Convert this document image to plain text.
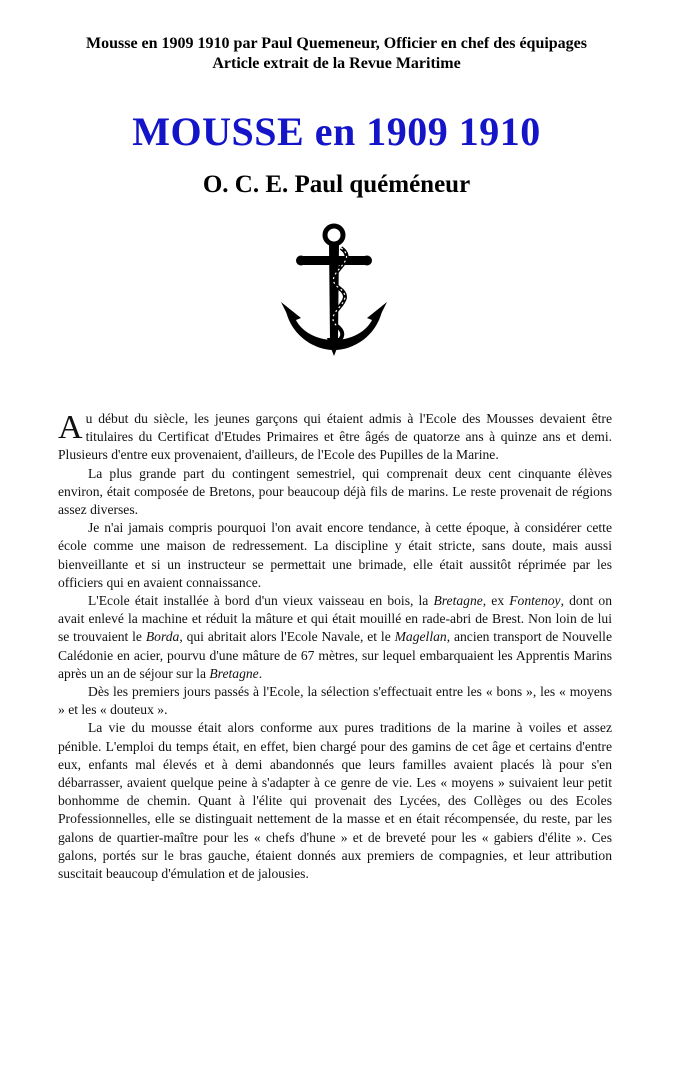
Mousse en 1909 1910 par Paul Quemeneur, Officier en chef des équipages
Article extrait de la Revue Maritime
MOUSSE en 1909 1910
O. C. E. Paul quéméneur

Au début du siècle, les jeunes garçons qui étaient admis à l'Ecole des Mousses devaient être titulaires du Certificat d'Etudes Primaires et être âgés de quatorze ans à quinze ans et demi. Plusieurs d'entre eux provenaient, d'ailleurs, de l'Ecole des Pupilles de la Marine.

La plus grande part du contingent semestriel, qui comprenait deux cent cinquante élèves environ, était composée de Bretons, pour beaucoup déjà fils de marins. Le reste provenait de régions assez diverses.

Je n'ai jamais compris pourquoi l'on avait encore tendance, à cette époque, à considérer cette école comme une maison de redressement. La discipline y était stricte, sans doute, mais aussi bienveillante et si un instructeur se permettait une brimade, elle était aussitôt réprimée par les officiers qui en avaient connaissance.

L'Ecole était installée à bord d'un vieux vaisseau en bois, la Bretagne, ex Fontenoy, dont on avait enlevé la machine et réduit la mâture et qui était mouillé en rade-abri de Brest. Non loin de lui se trouvaient le Borda, qui abritait alors l'Ecole Navale, et le Magellan, ancien transport de Nouvelle Calédonie en acier, pourvu d'une mâture de 67 mètres, sur lequel embarquaient les Apprentis Marins après un an de séjour sur la Bretagne.

Dès les premiers jours passés à l'Ecole, la sélection s'effectuait entre les « bons », les « moyens » et les « douteux ».

La vie du mousse était alors conforme aux pures traditions de la marine à voiles et assez pénible. L'emploi du temps était, en effet, bien chargé pour des gamins de cet âge et certains d'entre eux, enfants mal élevés et à demi abandonnés que leurs familles avaient placés là pour s'en débarrasser, avaient quelque peine à s'adapter à ce genre de vie. Les « moyens » suivaient leur petit bonhomme de chemin. Quant à l'élite qui provenait des Lycées, des Collèges ou des Ecoles Professionnelles, elle se distinguait nettement de la masse et en était récompensée, du reste, par les galons de quartier-maître pour les « chefs d'hune » et de breveté pour les « gabiers d'élite ». Ces galons, portés sur le bras gauche, étaient donnés aux premiers de compagnies, et leur attribution suscitait beaucoup d'émulation et de jalousies.
